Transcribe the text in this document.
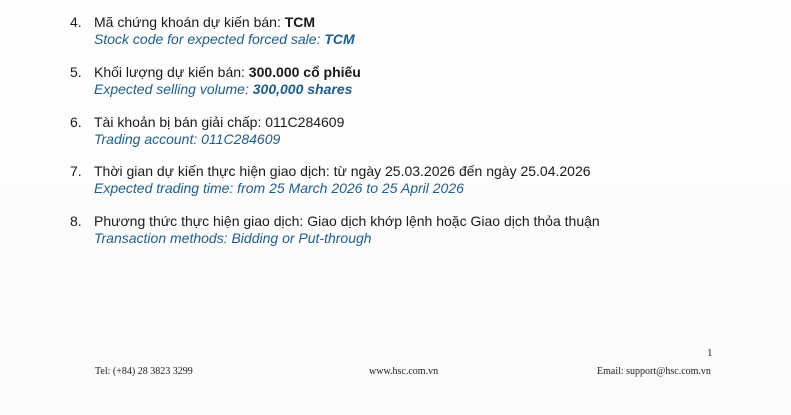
4. Mã chứng khoán dự kiến bán: TCM
Stock code for expected forced sale: TCM
5. Khối lượng dự kiến bán: 300.000 cổ phiếu
Expected selling volume: 300,000 shares
6. Tài khoản bị bán giải chấp: 011C284609
Trading account: 011C284609
7. Thời gian dự kiến thực hiện giao dịch: từ ngày 25.03.2026 đến ngày 25.04.2026
Expected trading time: from 25 March 2026 to 25 April 2026
8. Phương thức thực hiện giao dịch: Giao dịch khớp lệnh hoặc Giao dịch thỏa thuận
Transaction methods: Bidding or Put-through
1
Tel: (+84) 28 3823 3299	www.hsc.com.vn	Email: support@hsc.com.vn
